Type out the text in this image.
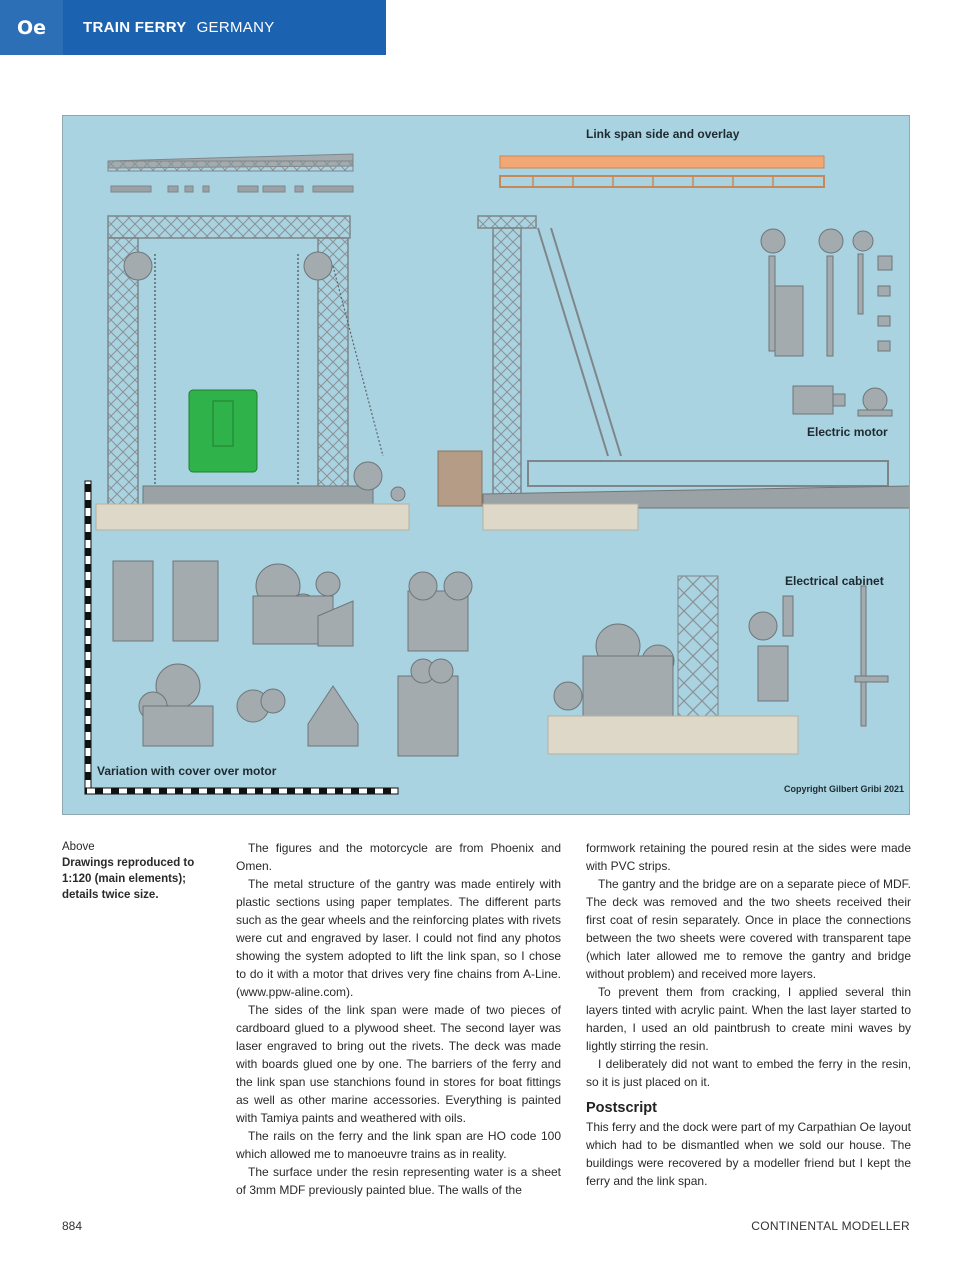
Oe TRAIN FERRY GERMANY
Link span side and overlay
Electric motor
Electrical cabinet
Variation with cover over motor
Copyright Gilbert Gribi 2021
Above
Drawings reproduced to 1:120 (main elements); details twice size.

The figures and the motorcycle are from Phoenix and Omen.

The metal structure of the gantry was made entirely with plastic sections using paper templates. The different parts such as the gear wheels and the reinforcing plates with rivets were cut and engraved by laser. I could not find any photos showing the system adopted to lift the link span, so I chose to do it with a motor that drives very fine chains from A-Line. (www.ppw-aline.com).

The sides of the link span were made of two pieces of cardboard glued to a plywood sheet. The second layer was laser engraved to bring out the rivets. The deck was made with boards glued one by one. The barriers of the ferry and the link span use stanchions found in stores for boat fittings as well as other marine accessories. Everything is painted with Tamiya paints and weathered with oils.

The rails on the ferry and the link span are HO code 100 which allowed me to manoeuvre trains as in reality.

The surface under the resin representing water is a sheet of 3mm MDF previously painted blue. The walls of the

formwork retaining the poured resin at the sides were made with PVC strips.

The gantry and the bridge are on a separate piece of MDF. The deck was removed and the two sheets received their first coat of resin separately. Once in place the connections between the two sheets were covered with transparent tape (which later allowed me to remove the gantry and bridge without problem) and received more layers.

To prevent them from cracking, I applied several thin layers tinted with acrylic paint. When the last layer started to harden, I used an old paintbrush to create mini waves by lightly stirring the resin.

I deliberately did not want to embed the ferry in the resin, so it is just placed on it.

Postscript

This ferry and the dock were part of my Carpathian Oe layout which had to be dismantled when we sold our house. The buildings were recovered by a modeller friend but I kept the ferry and the link span.

884	CONTINENTAL MODELLER
